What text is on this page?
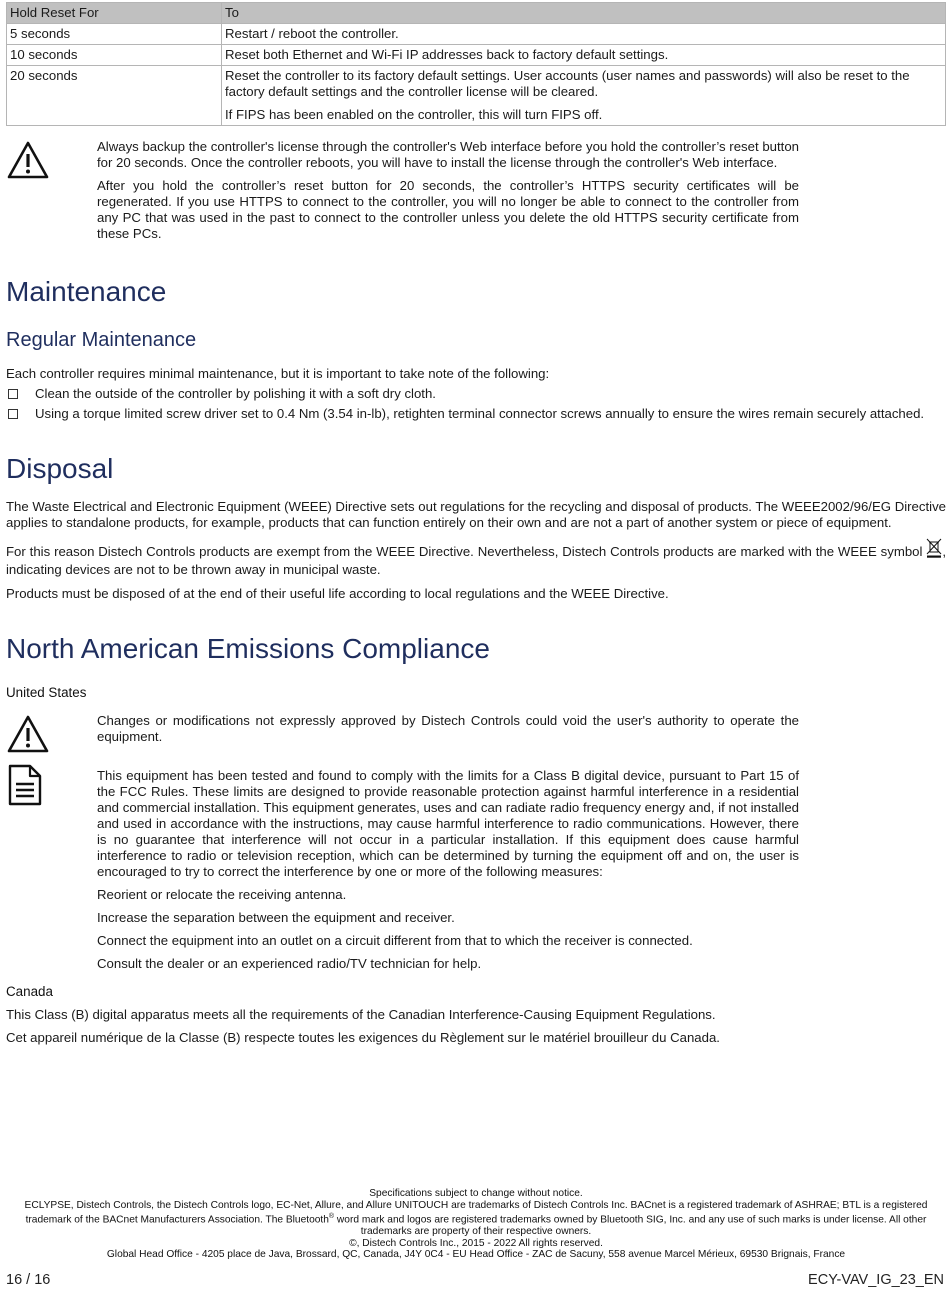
Hold Reset For	To
5 seconds	Restart / reboot the controller.

10 seconds	Reset both Ethernet and Wi-Fi IP addresses back to factory default settings.

20 seconds	Reset the controller to its factory default settings. User accounts (user names and passwords) will also be reset to the factory default settings and the controller license will be cleared.

If FIPS has been enabled on the controller, this will turn FIPS off.

Always backup the controller's license through the controller's Web interface before you hold the controller’s reset button for 20 seconds. Once the controller reboots, you will have to install the license through the controller's Web interface.

After you hold the controller’s reset button for 20 seconds, the controller’s HTTPS security certificates will be regenerated. If you use HTTPS to connect to the controller, you will no longer be able to connect to the controller from any PC that was used in the past to connect to the controller unless you delete the old HTTPS security certificate from these PCs.

Maintenance
Regular Maintenance

Each controller requires minimal maintenance, but it is important to take note of the following:

Clean the outside of the controller by polishing it with a soft dry cloth.
Using a torque limited screw driver set to 0.4 Nm (3.54 in-lb), retighten terminal connector screws annually to ensure the wires remain securely attached.
Disposal

The Waste Electrical and Electronic Equipment (WEEE) Directive sets out regulations for the recycling and disposal of products. The WEEE2002/96/EG Directive applies to standalone products, for example, products that can function entirely on their own and are not a part of another system or piece of equipment.

For this reason Distech Controls products are exempt from the WEEE Directive. Nevertheless, Distech Controls products are marked with the WEEE symbol , indicating devices are not to be thrown away in municipal waste.

Products must be disposed of at the end of their useful life according to local regulations and the WEEE Directive.

North American Emissions Compliance
United States

Changes or modifications not expressly approved by Distech Controls could void the user's authority to operate the equipment.

This equipment has been tested and found to comply with the limits for a Class B digital device, pursuant to Part 15 of the FCC Rules. These limits are designed to provide reasonable protection against harmful interference in a residential and commercial installation. This equipment generates, uses and can radiate radio frequency energy and, if not installed and used in accordance with the instructions, may cause harmful interference to radio communications. However, there is no guarantee that interference will not occur in a particular installation. If this equipment does cause harmful interference to radio or television reception, which can be determined by turning the equipment off and on, the user is encouraged to try to correct the interference by one or more of the following measures:

Reorient or relocate the receiving antenna.

Increase the separation between the equipment and receiver.

Connect the equipment into an outlet on a circuit different from that to which the receiver is connected.

Consult the dealer or an experienced radio/TV technician for help.

Canada

This Class (B) digital apparatus meets all the requirements of the Canadian Interference-Causing Equipment Regulations.

Cet appareil numérique de la Classe (B) respecte toutes les exigences du Règlement sur le matériel brouilleur du Canada.

Specifications subject to change without notice.
ECLYPSE, Distech Controls, the Distech Controls logo, EC-Net, Allure, and Allure UNITOUCH are trademarks of Distech Controls Inc. BACnet is a registered trademark of ASHRAE; BTL is a registered trademark of the BACnet Manufacturers Association. The Bluetooth® word mark and logos are registered trademarks owned by Bluetooth SIG, Inc. and any use of such marks is under license. All other trademarks are property of their respective owners.
©, Distech Controls Inc., 2015 - 2022 All rights reserved.
Global Head Office - 4205 place de Java, Brossard, QC, Canada, J4Y 0C4 - EU Head Office - ZAC de Sacuny, 558 avenue Marcel Mérieux, 69530 Brignais, France
16 / 16	ECY-VAV_IG_23_EN
